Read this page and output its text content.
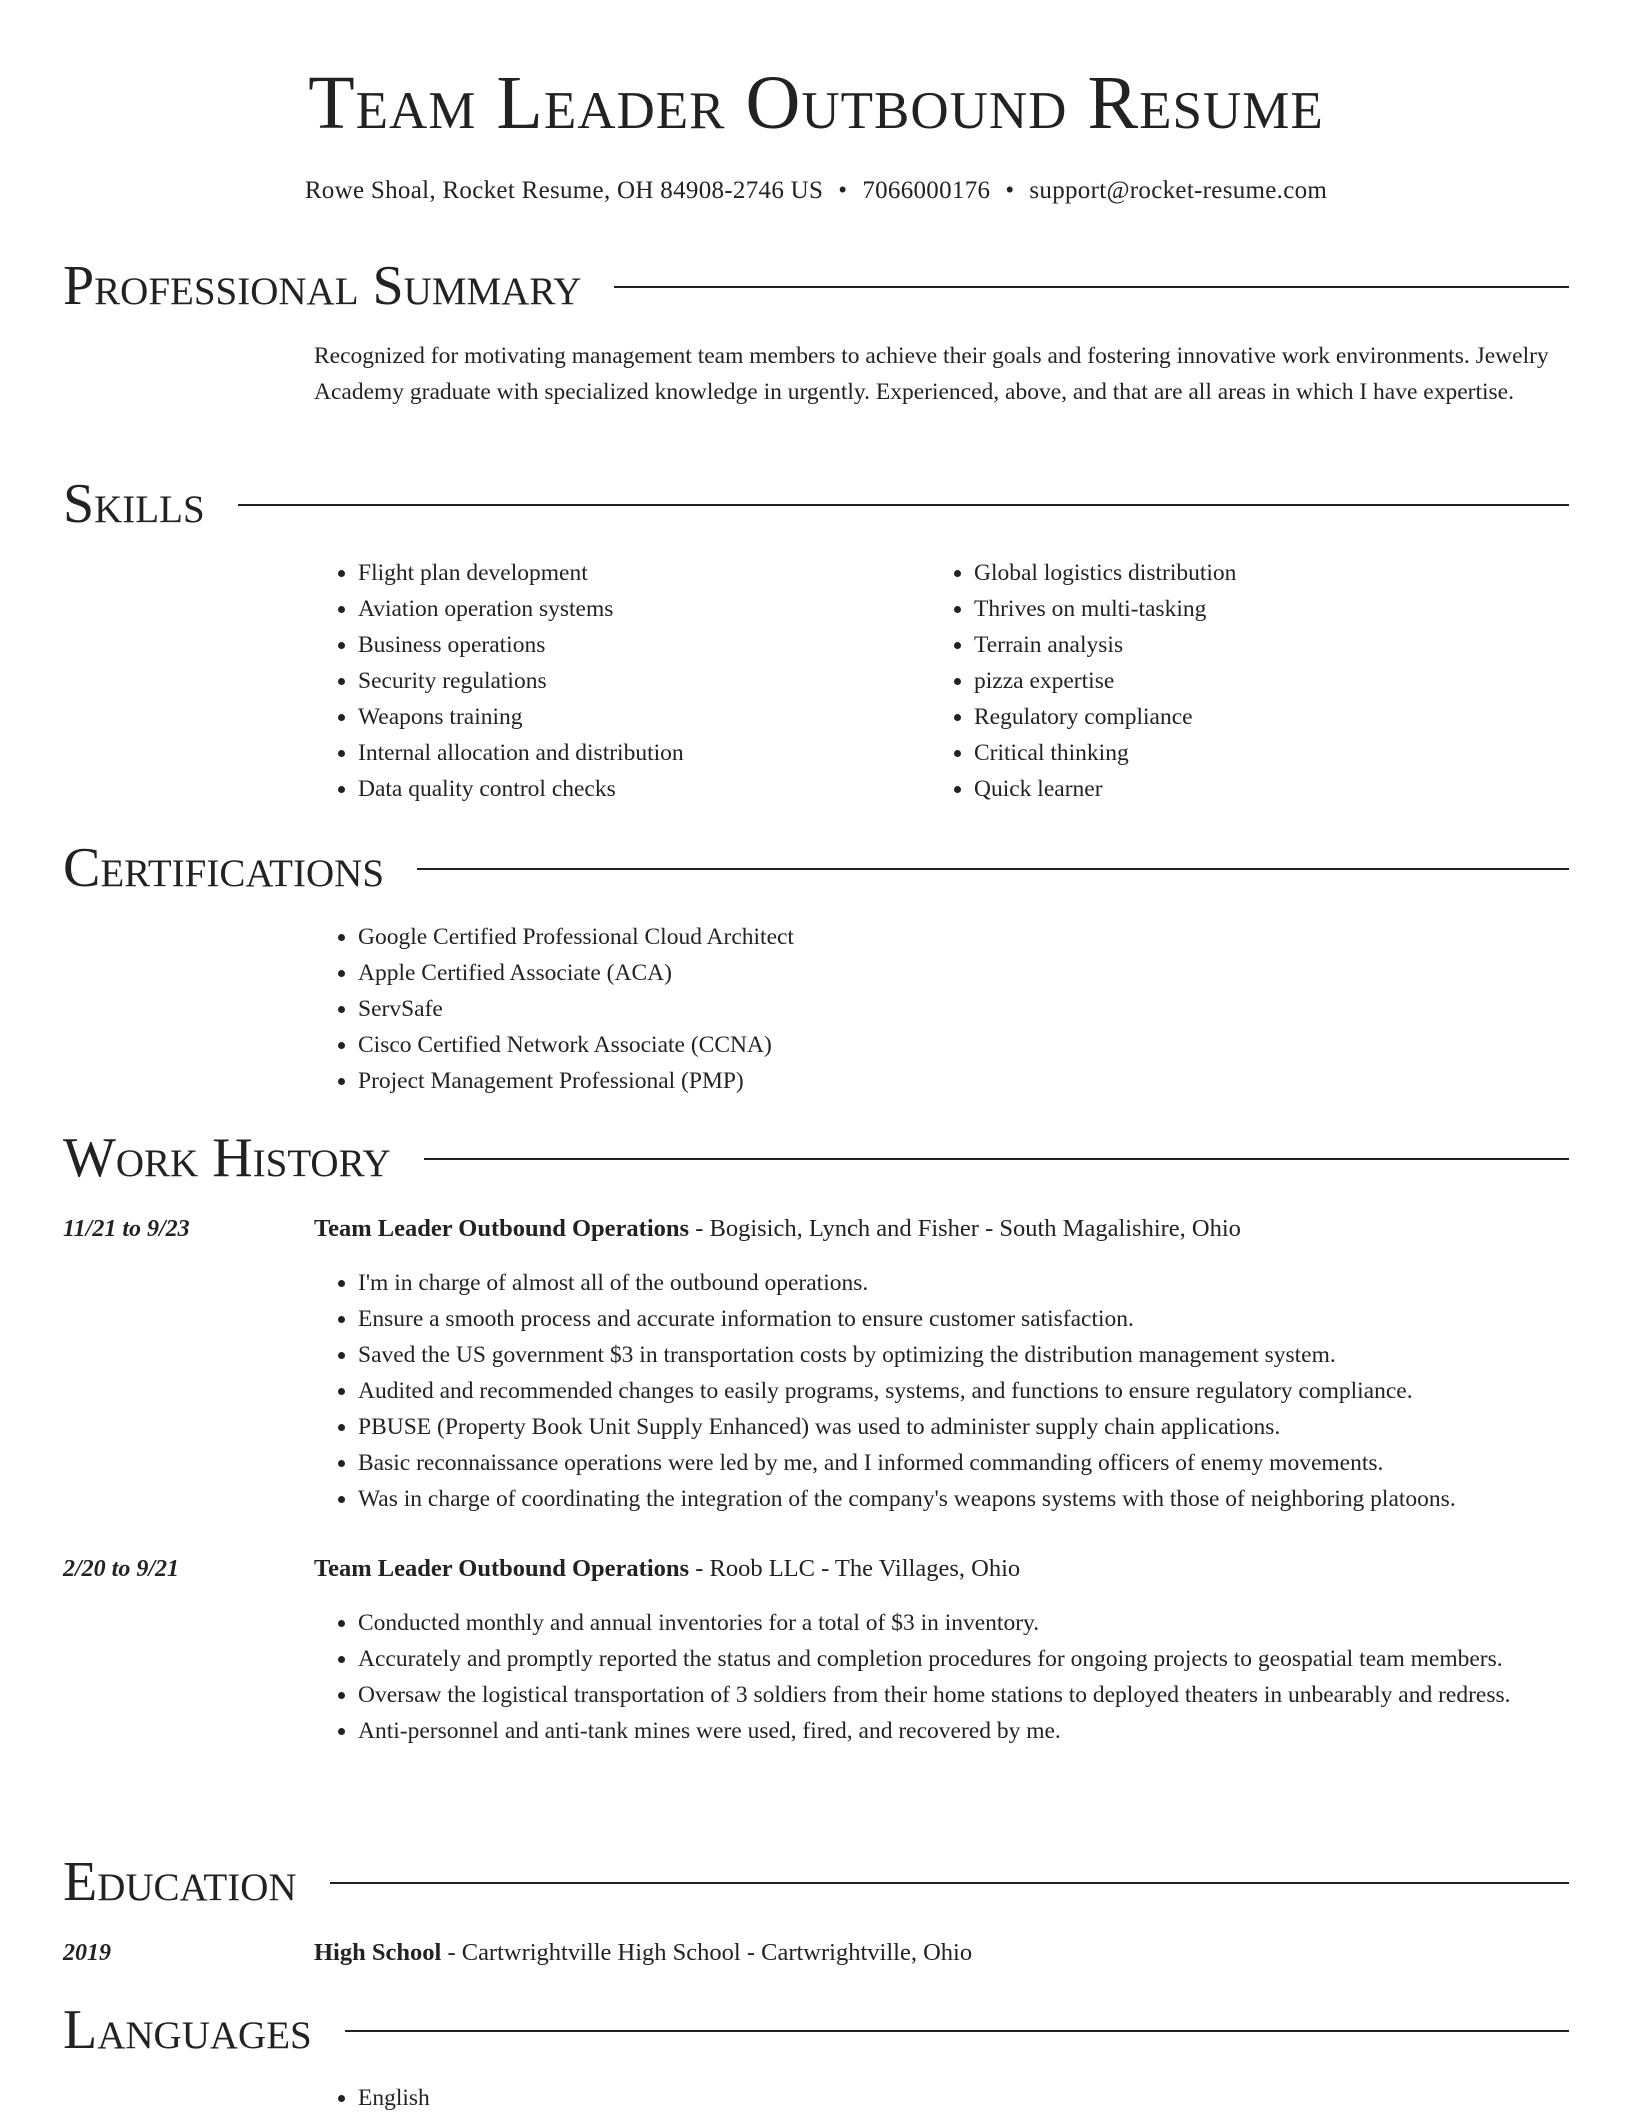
Team Leader Outbound Resume
Rowe Shoal, Rocket Resume, OH 84908-2746 US • 7066000176 • support@rocket-resume.com
Professional Summary
Recognized for motivating management team members to achieve their goals and fostering innovative work environments. Jewelry Academy graduate with specialized knowledge in urgently. Experienced, above, and that are all areas in which I have expertise.
Skills
• Flight plan development
• Aviation operation systems
• Business operations
• Security regulations
• Weapons training
• Internal allocation and distribution
• Data quality control checks
• Global logistics distribution
• Thrives on multi-tasking
• Terrain analysis
• pizza expertise
• Regulatory compliance
• Critical thinking
• Quick learner
Certifications
• Google Certified Professional Cloud Architect
• Apple Certified Associate (ACA)
• ServSafe
• Cisco Certified Network Associate (CCNA)
• Project Management Professional (PMP)
Work History
11/21 to 9/23	Team Leader Outbound Operations - Bogisich, Lynch and Fisher - South Magalishire, Ohio
• I'm in charge of almost all of the outbound operations.
• Ensure a smooth process and accurate information to ensure customer satisfaction.
• Saved the US government $3 in transportation costs by optimizing the distribution management system.
• Audited and recommended changes to easily programs, systems, and functions to ensure regulatory compliance.
• PBUSE (Property Book Unit Supply Enhanced) was used to administer supply chain applications.
• Basic reconnaissance operations were led by me, and I informed commanding officers of enemy movements.
• Was in charge of coordinating the integration of the company's weapons systems with those of neighboring platoons.
2/20 to 9/21	Team Leader Outbound Operations - Roob LLC - The Villages, Ohio
• Conducted monthly and annual inventories for a total of $3 in inventory.
• Accurately and promptly reported the status and completion procedures for ongoing projects to geospatial team members.
• Oversaw the logistical transportation of 3 soldiers from their home stations to deployed theaters in unbearably and redress.
• Anti-personnel and anti-tank mines were used, fired, and recovered by me.
Education
2019	High School - Cartwrightville High School - Cartwrightville, Ohio
Languages
• English
